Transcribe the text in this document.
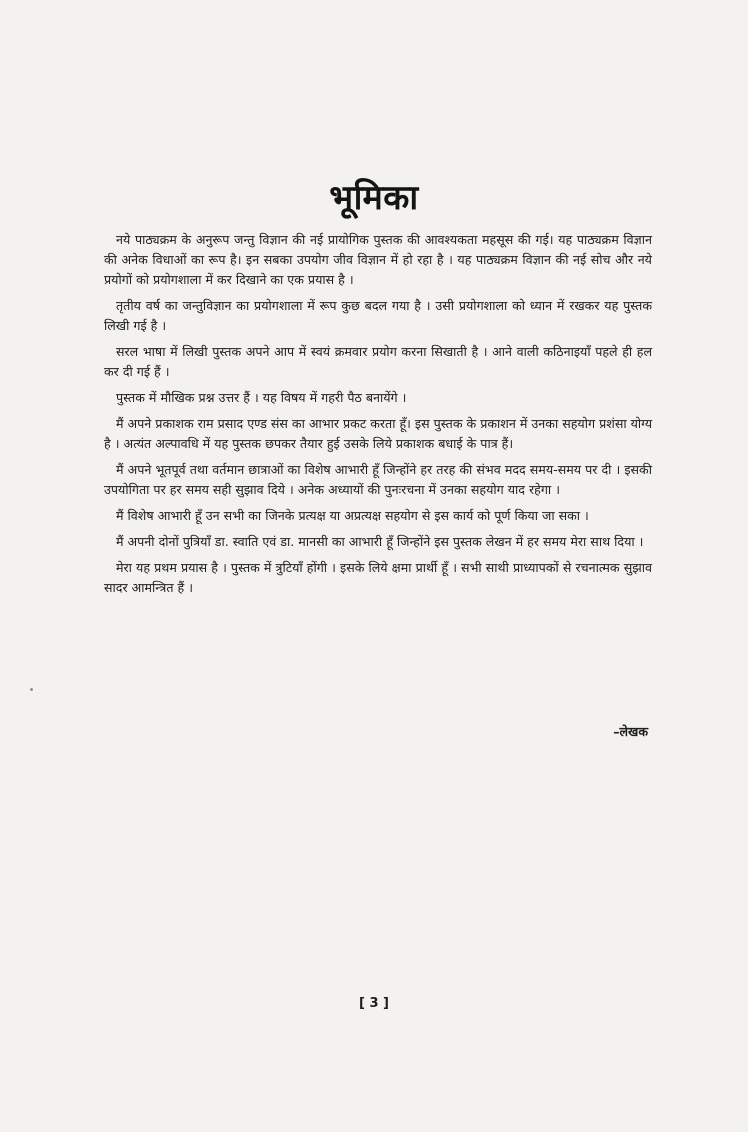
भूमिका

नये पाठ्यक्रम के अनुरूप जन्तु विज्ञान की नई प्रायोगिक पुस्तक की आवश्यकता महसूस की गई। यह पाठ्यक्रम विज्ञान की अनेक विधाओं का रूप है। इन सबका उपयोग जीव विज्ञान में हो रहा है । यह पाठ्यक्रम विज्ञान की नई सोच और नये प्रयोगों को प्रयोगशाला में कर दिखाने का एक प्रयास है ।

तृतीय वर्ष का जन्तुविज्ञान का प्रयोगशाला में रूप कुछ बदल गया है । उसी प्रयोगशाला को ध्यान में रखकर यह पुस्तक लिखी गई है ।

सरल भाषा में लिखी पुस्तक अपने आप में स्वयं क्रमवार प्रयोग करना सिखाती है । आने वाली कठिनाइयाँ पहले ही हल कर दी गई हैं ।

पुस्तक में मौखिक प्रश्न उत्तर हैं । यह विषय में गहरी पैठ बनायेंगे ।

मैं अपने प्रकाशक राम प्रसाद एण्ड संस का आभार प्रकट करता हूँ। इस पुस्तक के प्रकाशन में उनका सहयोग प्रशंसा योग्य है । अत्यंत अल्पावधि में यह पुस्तक छपकर तैयार हुई उसके लिये प्रकाशक बधाई के पात्र हैं।

मैं अपने भूतपूर्व तथा वर्तमान छात्राओं का विशेष आभारी हूँ जिन्होंने हर तरह की संभव मदद समय-समय पर दी । इसकी उपयोगिता पर हर समय सही सुझाव दिये । अनेक अध्यायों की पुनःरचना में उनका सहयोग याद रहेगा ।

मैं विशेष आभारी हूँ उन सभी का जिनके प्रत्यक्ष या अप्रत्यक्ष सहयोग से इस कार्य को पूर्ण किया जा सका ।

मैं अपनी दोनों पुत्रियाँ डा. स्वाति एवं डा. मानसी का आभारी हूँ जिन्होंने इस पुस्तक लेखन में हर समय मेरा साथ दिया ।

मेरा यह प्रथम प्रयास है । पुस्तक में त्रुटियाँ होंगी । इसके लिये क्षमा प्रार्थी हूँ । सभी साथी प्राध्यापकों से रचनात्मक सुझाव सादर आमन्त्रित हैं ।

–लेखक
[ 3 ]
